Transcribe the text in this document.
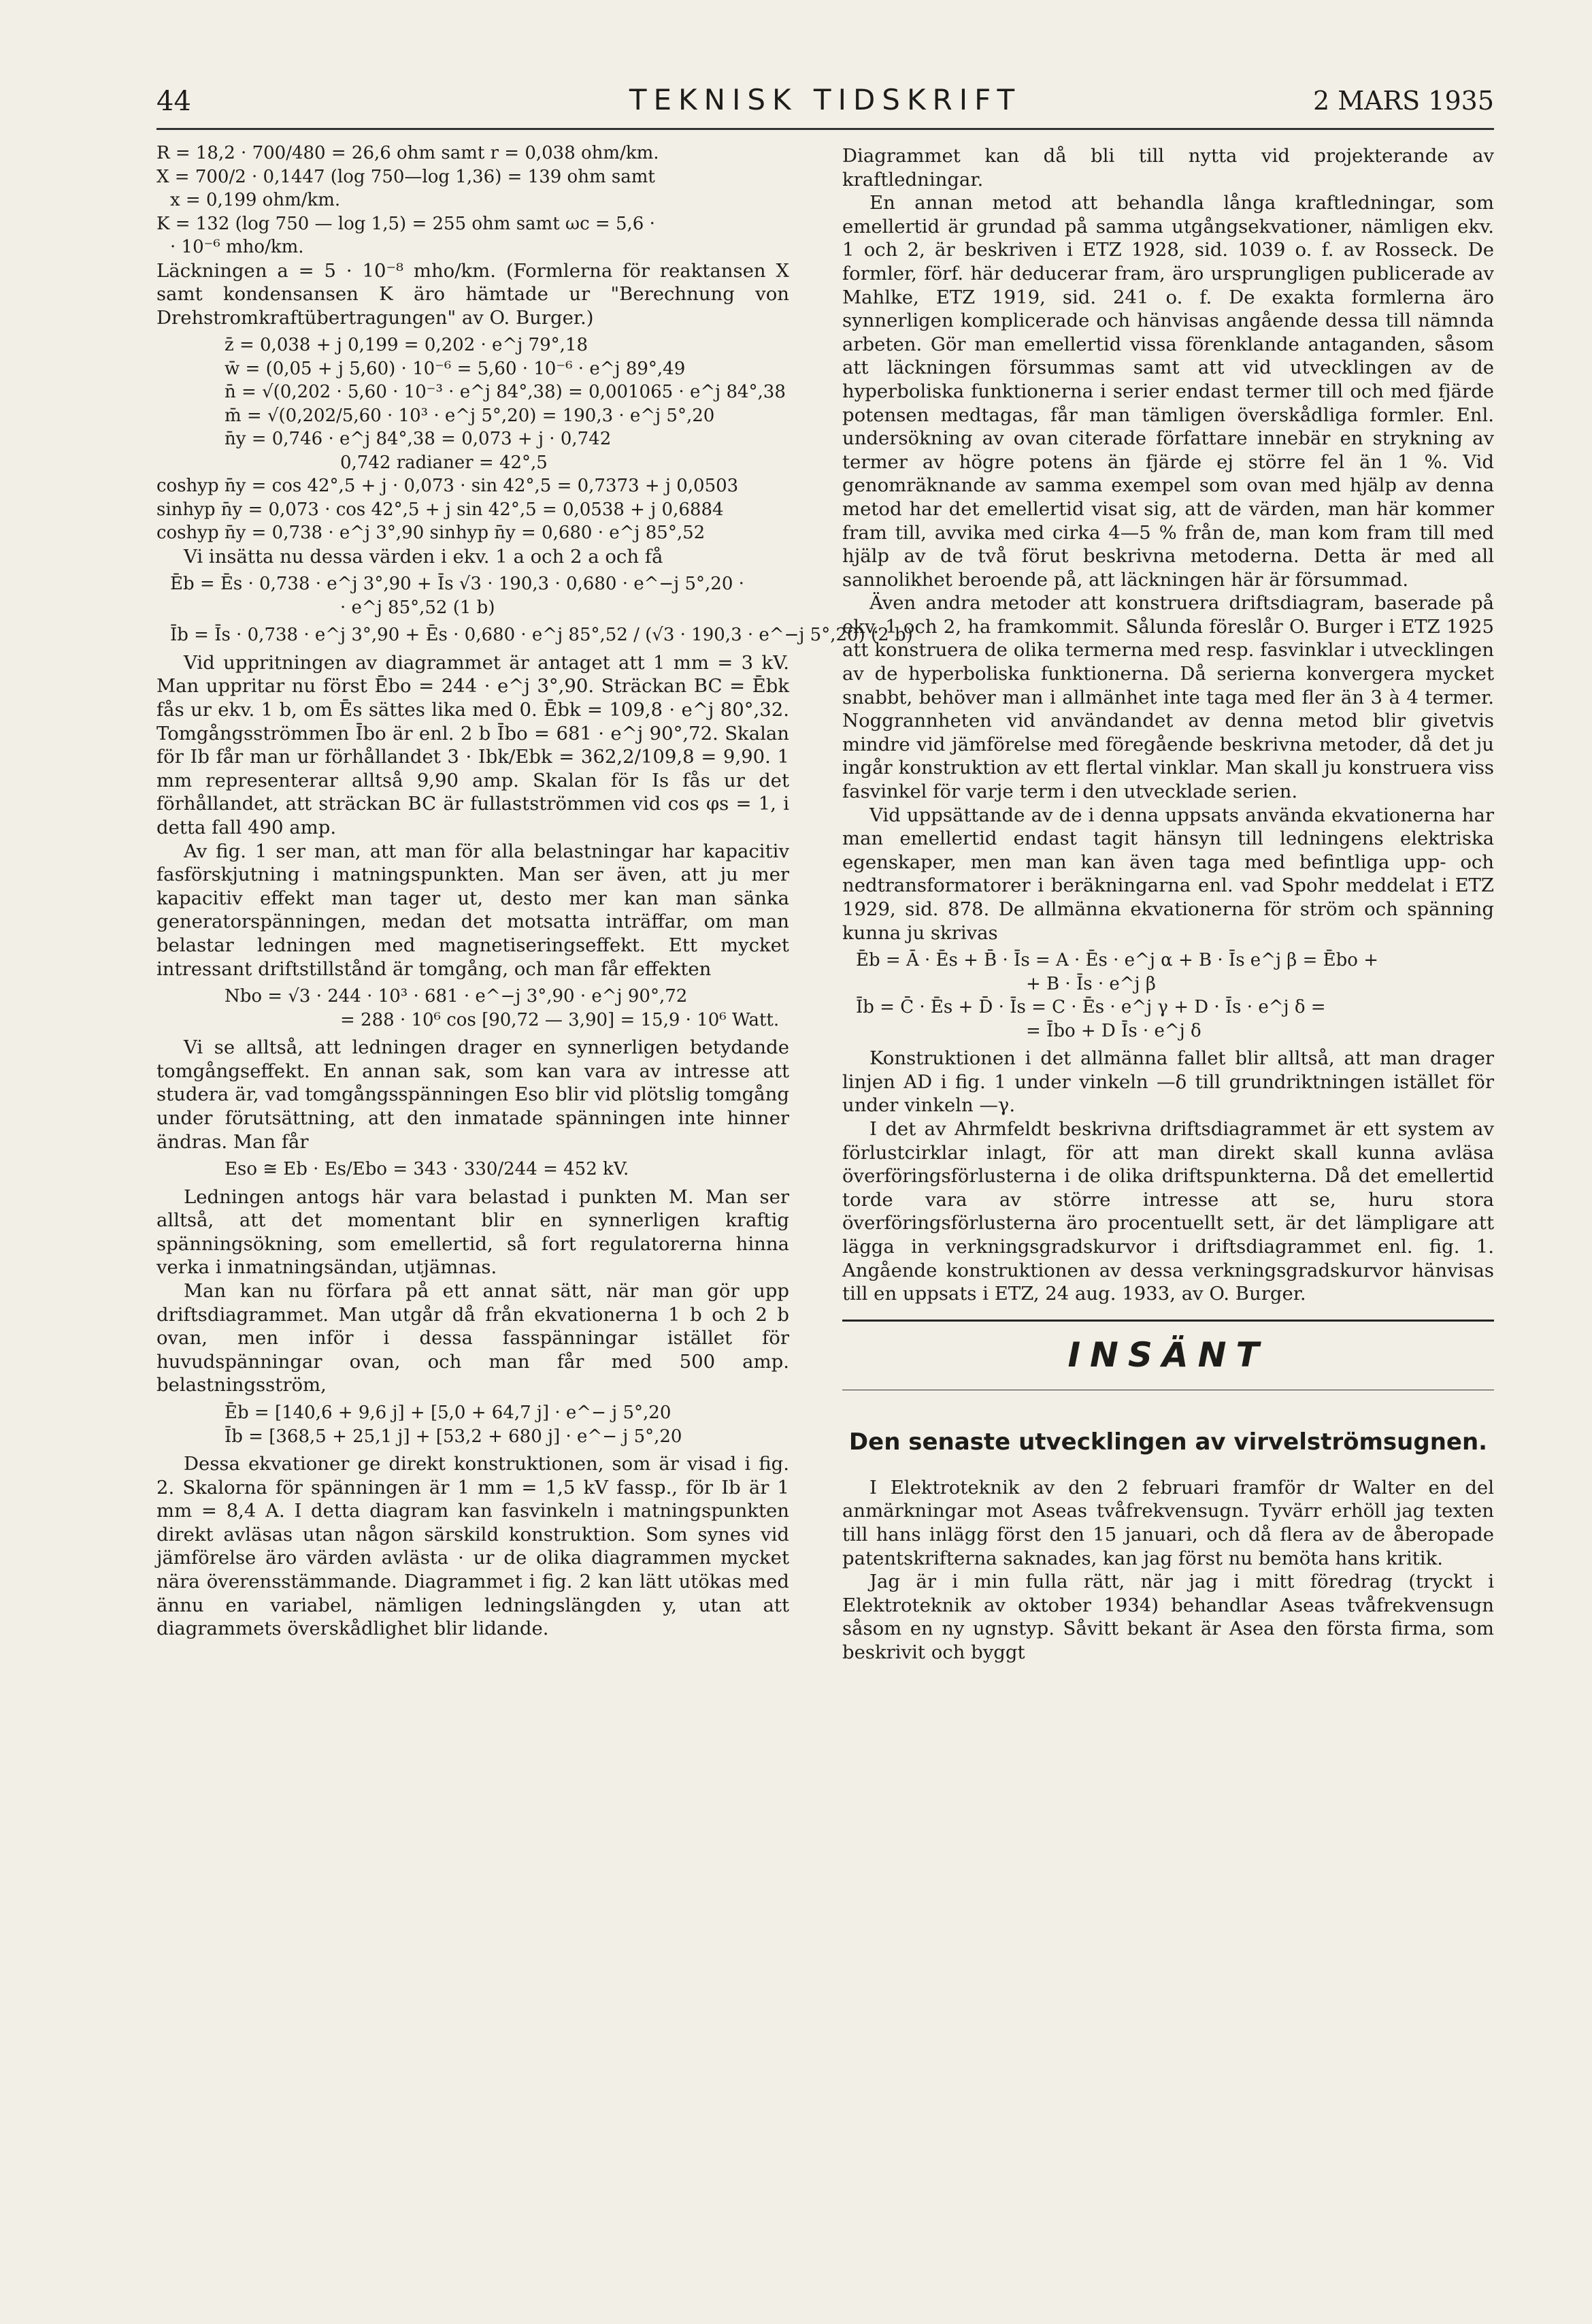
44	TEKNISK TIDSKRIFT	2 MARS 1935
R = 18,2 · 700/480 = 26,6 ohm samt r = 0,038 ohm/km.
X = 700/2 · 0,1447 (log 750—log 1,36) = 139 ohm samt
x = 0,199 ohm/km.
K = 132 (log 750 — log 1,5) = 255 ohm samt ωc = 5,6 ·
· 10⁻⁶ mho/km.

Läckningen a = 5 · 10⁻⁸ mho/km. (Formlerna för reaktansen X samt kondensansen K äro hämtade ur "Berechnung von Drehstromkraftübertragungen" av O. Burger.)

z̄ = 0,038 + j 0,199 = 0,202 · e^j 79°,18
w̄ = (0,05 + j 5,60) · 10⁻⁶ = 5,60 · 10⁻⁶ · e^j 89°,49
n̄ = √(0,202 · 5,60 · 10⁻³ · e^j 84°,38) = 0,001065 · e^j 84°,38
m̄ = √(0,202/5,60 · 10³ · e^j 5°,20) = 190,3 · e^j 5°,20
n̄y = 0,746 · e^j 84°,38 = 0,073 + j · 0,742
0,742 radianer = 42°,5
coshyp n̄y = cos 42°,5 + j · 0,073 · sin 42°,5 = 0,7373 + j 0,0503
sinhyp n̄y = 0,073 · cos 42°,5 + j sin 42°,5 = 0,0538 + j 0,6884
coshyp n̄y = 0,738 · e^j 3°,90 sinhyp n̄y = 0,680 · e^j 85°,52

Vi insätta nu dessa värden i ekv. 1 a och 2 a och få

Ēb = Ēs · 0,738 · e^j 3°,90 + Īs √3 · 190,3 · 0,680 · e^−j 5°,20 ·
· e^j 85°,52 (1 b)
Īb = Īs · 0,738 · e^j 3°,90 + Ēs · 0,680 · e^j 85°,52 / (√3 · 190,3 · e^−j 5°,20) (2 b)

Vid uppritningen av diagrammet är antaget att 1 mm = 3 kV. Man uppritar nu först Ēbo = 244 · e^j 3°,90. Sträckan BC = Ēbk fås ur ekv. 1 b, om Ēs sättes lika med 0. Ēbk = 109,8 · e^j 80°,32. Tomgångsströmmen Ībo är enl. 2 b Ībo = 681 · e^j 90°,72. Skalan för Ib får man ur förhållandet 3 · Ibk/Ebk = 362,2/109,8 = 9,90. 1 mm representerar alltså 9,90 amp. Skalan för Is fås ur det förhållandet, att sträckan BC är fullastströmmen vid cos φs = 1, i detta fall 490 amp.

Av fig. 1 ser man, att man för alla belastningar har kapacitiv fasförskjutning i matningspunkten. Man ser även, att ju mer kapacitiv effekt man tager ut, desto mer kan man sänka generatorspänningen, medan det motsatta inträffar, om man belastar ledningen med magnetiseringseffekt. Ett mycket intressant driftstillstånd är tomgång, och man får effekten

Nbo = √3 · 244 · 10³ · 681 · e^−j 3°,90 · e^j 90°,72
= 288 · 10⁶ cos [90,72 — 3,90] = 15,9 · 10⁶ Watt.

Vi se alltså, att ledningen drager en synnerligen betydande tomgångseffekt. En annan sak, som kan vara av intresse att studera är, vad tomgångsspänningen Eso blir vid plötslig tomgång under förutsättning, att den inmatade spänningen inte hinner ändras. Man får

Eso ≅ Eb · Es/Ebo = 343 · 330/244 = 452 kV.

Ledningen antogs här vara belastad i punkten M. Man ser alltså, att det momentant blir en synnerligen kraftig spänningsökning, som emellertid, så fort regulatorerna hinna verka i inmatningsändan, utjämnas.

Man kan nu förfara på ett annat sätt, när man gör upp driftsdiagrammet. Man utgår då från ekvationerna 1 b och 2 b ovan, men inför i dessa fasspänningar istället för huvudspänningar ovan, och man får med 500 amp. belastningsström,

Ēb = [140,6 + 9,6 j] + [5,0 + 64,7 j] · e^− j 5°,20
Īb = [368,5 + 25,1 j] + [53,2 + 680 j] · e^− j 5°,20

Dessa ekvationer ge direkt konstruktionen, som är visad i fig. 2. Skalorna för spänningen är 1 mm = 1,5 kV fassp., för Ib är 1 mm = 8,4 A. I detta diagram kan fasvinkeln i matningspunkten direkt avläsas utan någon särskild konstruktion. Som synes vid jämförelse äro värden avlästa · ur de olika diagrammen mycket nära överensstämmande. Diagrammet i fig. 2 kan lätt utökas med ännu en variabel, nämligen ledningslängden y, utan att diagrammets överskådlighet blir lidande.

Diagrammet kan då bli till nytta vid projekterande av kraftledningar.

En annan metod att behandla långa kraftledningar, som emellertid är grundad på samma utgångsekvationer, nämligen ekv. 1 och 2, är beskriven i ETZ 1928, sid. 1039 o. f. av Rosseck. De formler, förf. här deducerar fram, äro ursprungligen publicerade av Mahlke, ETZ 1919, sid. 241 o. f. De exakta formlerna äro synnerligen komplicerade och hänvisas angående dessa till nämnda arbeten. Gör man emellertid vissa förenklande antaganden, såsom att läckningen försummas samt att vid utvecklingen av de hyperboliska funktionerna i serier endast termer till och med fjärde potensen medtagas, får man tämligen överskådliga formler. Enl. undersökning av ovan citerade författare innebär en strykning av termer av högre potens än fjärde ej större fel än 1 %. Vid genomräknande av samma exempel som ovan med hjälp av denna metod har det emellertid visat sig, att de värden, man här kommer fram till, avvika med cirka 4—5 % från de, man kom fram till med hjälp av de två förut beskrivna metoderna. Detta är med all sannolikhet beroende på, att läckningen här är försummad.

Även andra metoder att konstruera driftsdiagram, baserade på ekv. 1 och 2, ha framkommit. Sålunda föreslår O. Burger i ETZ 1925 att konstruera de olika termerna med resp. fasvinklar i utvecklingen av de hyperboliska funktionerna. Då serierna konvergera mycket snabbt, behöver man i allmänhet inte taga med fler än 3 à 4 termer. Noggrannheten vid användandet av denna metod blir givetvis mindre vid jämförelse med föregående beskrivna metoder, då det ju ingår konstruktion av ett flertal vinklar. Man skall ju konstruera viss fasvinkel för varje term i den utvecklade serien.

Vid uppsättande av de i denna uppsats använda ekvationerna har man emellertid endast tagit hänsyn till ledningens elektriska egenskaper, men man kan även taga med befintliga upp- och nedtransformatorer i beräkningarna enl. vad Spohr meddelat i ETZ 1929, sid. 878. De allmänna ekvationerna för ström och spänning kunna ju skrivas

Ēb = Ā · Ēs + B̄ · Īs = A · Ēs · e^j α + B · Īs e^j β = Ēbo +
+ B · Īs · e^j β
Īb = C̄ · Ēs + D̄ · Īs = C · Ēs · e^j γ + D · Īs · e^j δ =
= Ībo + D Īs · e^j δ

Konstruktionen i det allmänna fallet blir alltså, att man drager linjen AD i fig. 1 under vinkeln —δ till grundriktningen istället för under vinkeln —γ.

I det av Ahrmfeldt beskrivna driftsdiagrammet är ett system av förlustcirklar inlagt, för att man direkt skall kunna avläsa överföringsförlusterna i de olika driftspunkterna. Då det emellertid torde vara av större intresse att se, huru stora överföringsförlusterna äro procentuellt sett, är det lämpligare att lägga in verkningsgradskurvor i driftsdiagrammet enl. fig. 1. Angående konstruktionen av dessa verkningsgradskurvor hänvisas till en uppsats i ETZ, 24 aug. 1933, av O. Burger.

INSÄNT
Den senaste utvecklingen av virvelströmsugnen.

I Elektroteknik av den 2 februari framför dr Walter en del anmärkningar mot Aseas tvåfrekvensugn. Tyvärr erhöll jag texten till hans inlägg först den 15 januari, och då flera av de åberopade patentskrifterna saknades, kan jag först nu bemöta hans kritik.

Jag är i min fulla rätt, när jag i mitt föredrag (tryckt i Elektroteknik av oktober 1934) behandlar Aseas tvåfrekvensugn såsom en ny ugnstyp. Såvitt bekant är Asea den första firma, som beskrivit och byggt
